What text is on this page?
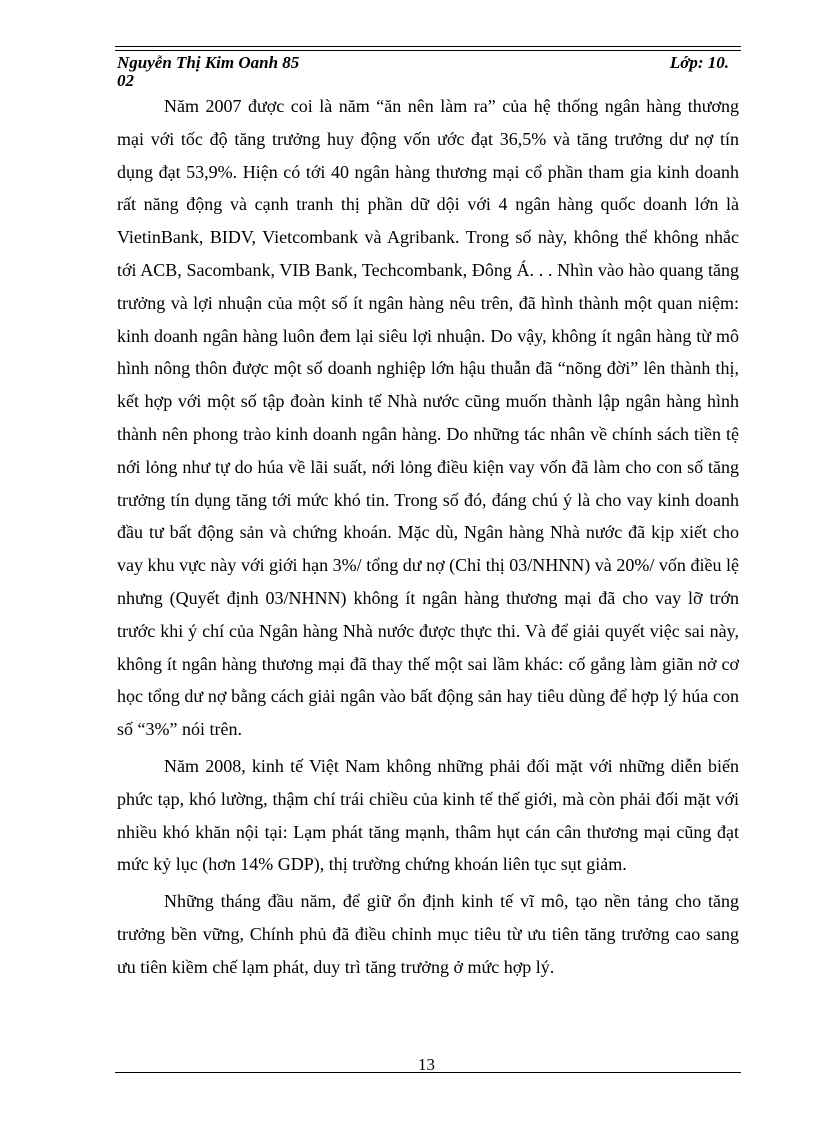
Nguyễn Thị Kim Oanh 85	Lớp: 10.
02

Năm 2007 được coi là năm “ăn nên làm ra” của hệ thống ngân hàng thương mại với tốc độ tăng trưởng huy động vốn ước đạt 36,5% và tăng trưởng dư nợ tín dụng đạt 53,9%. Hiện có tới 40 ngân hàng thương mại cổ phần tham gia kinh doanh rất năng động và cạnh tranh thị phần dữ dội với 4 ngân hàng quốc doanh lớn là VietinBank, BIDV, Vietcombank và Agribank. Trong số này, không thể không nhắc tới ACB, Sacombank, VIB Bank, Techcombank, Đông Á. . . Nhìn vào hào quang tăng trưởng và lợi nhuận của một số ít ngân hàng nêu trên, đã hình thành một quan niệm: kinh doanh ngân hàng luôn đem lại siêu lợi nhuận. Do vậy, không ít ngân hàng từ mô hình nông thôn được một số doanh nghiệp lớn hậu thuẫn đã “nõng đời” lên thành thị, kết hợp với một số tập đoàn kinh tế Nhà nước cũng muốn thành lập ngân hàng hình thành nên phong trào kinh doanh ngân hàng. Do những tác nhân về chính sách tiền tệ nới lỏng như tự do húa về lãi suất, nới lỏng điều kiện vay vốn đã làm cho con số tăng trưởng tín dụng tăng tới mức khó tin. Trong số đó, đáng chú ý là cho vay kinh doanh đầu tư bất động sản và chứng khoán. Mặc dù, Ngân hàng Nhà nước đã kịp xiết cho vay khu vực này với giới hạn 3%/ tổng dư nợ (Chỉ thị 03/NHNN) và 20%/ vốn điều lệ nhưng (Quyết định 03/NHNN) không ít ngân hàng thương mại đã cho vay lỡ trớn trước khi ý chí của Ngân hàng Nhà nước được thực thi. Và để giải quyết việc sai này, không ít ngân hàng thương mại đã thay thế một sai lầm khác: cố gắng làm giãn nở cơ học tổng dư nợ bằng cách giải ngân vào bất động sản hay tiêu dùng để hợp lý húa con số “3%” nói trên.

Năm 2008, kinh tế Việt Nam không những phải đối mặt với những diễn biến phức tạp, khó lường, thậm chí trái chiều của kinh tế thế giới, mà còn phải đối mặt với nhiều khó khăn nội tại: Lạm phát tăng mạnh, thâm hụt cán cân thương mại cũng đạt mức kỷ lục (hơn 14% GDP), thị trường chứng khoán liên tục sụt giảm.

Những tháng đầu năm, để giữ ổn định kinh tế vĩ mô, tạo nền tảng cho tăng trưởng bền vững, Chính phủ đã điều chỉnh mục tiêu từ ưu tiên tăng trưởng cao sang ưu tiên kiềm chế lạm phát, duy trì tăng trưởng ở mức hợp lý.

13
